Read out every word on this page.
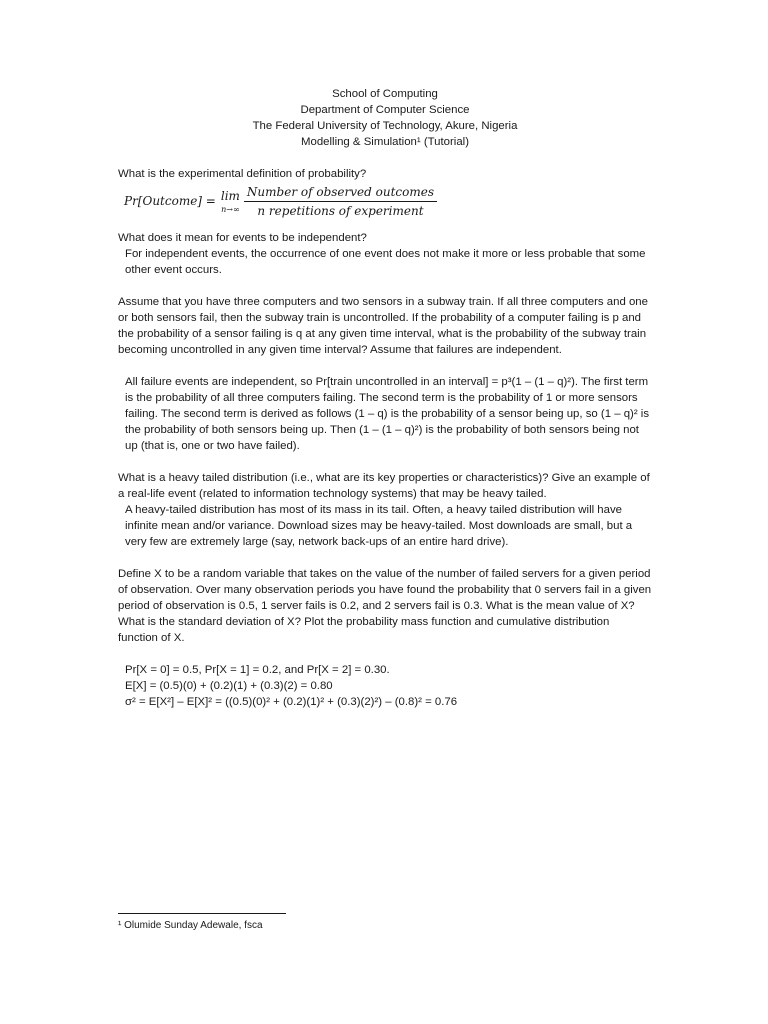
School of Computing

Department of Computer Science

The Federal University of Technology, Akure, Nigeria

Modelling & Simulation¹ (Tutorial)

What is the experimental definition of probability?

Pr[Outcome] = lim
$n\to\infty \frac{\text{Number of observed outcomes}}{\text{n repetitions of experiment}}$

What does it mean for events to be independent?

For independent events, the occurrence of one event does not make it more or less probable that some other event occurs.

Assume that you have three computers and two sensors in a subway train. If all three computers and one or both sensors fail, then the subway train is uncontrolled. If the probability of a computer failing is p and the probability of a sensor failing is q at any given time interval, what is the probability of the subway train becoming uncontrolled in any given time interval? Assume that failures are independent.

All failure events are independent, so Pr[train uncontrolled in an interval] = p³(1 – (1 – q)²). The first term is the probability of all three computers failing. The second term is the probability of 1 or more sensors failing. The second term is derived as follows (1 – q) is the probability of a sensor being up, so (1 – q)² is the probability of both sensors being up. Then (1 – (1 – q)²) is the probability of both sensors being not up (that is, one or two have failed).

What is a heavy tailed distribution (i.e., what are its key properties or characteristics)? Give an example of a real-life event (related to information technology systems) that may be heavy tailed.

A heavy-tailed distribution has most of its mass in its tail. Often, a heavy tailed distribution will have infinite mean and/or variance. Download sizes may be heavy-tailed. Most downloads are small, but a very few are extremely large (say, network back-ups of an entire hard drive).

Define X to be a random variable that takes on the value of the number of failed servers for a given period of observation. Over many observation periods you have found the probability that 0 servers fail in a given period of observation is 0.5, 1 server fails is 0.2, and 2 servers fail is 0.3. What is the mean value of X? What is the standard deviation of X? Plot the probability mass function and cumulative distribution function of X.

Pr[X = 0] = 0.5, Pr[X = 1] = 0.2, and Pr[X = 2] = 0.30.

E[X] = (0.5)(0) + (0.2)(1) + (0.3)(2) = 0.80

σ² = E[X²] – E[X]² = ((0.5)(0)² + (0.2)(1)² + (0.3)(2)²) – (0.8)² = 0.76

¹ Olumide Sunday Adewale, fsca
